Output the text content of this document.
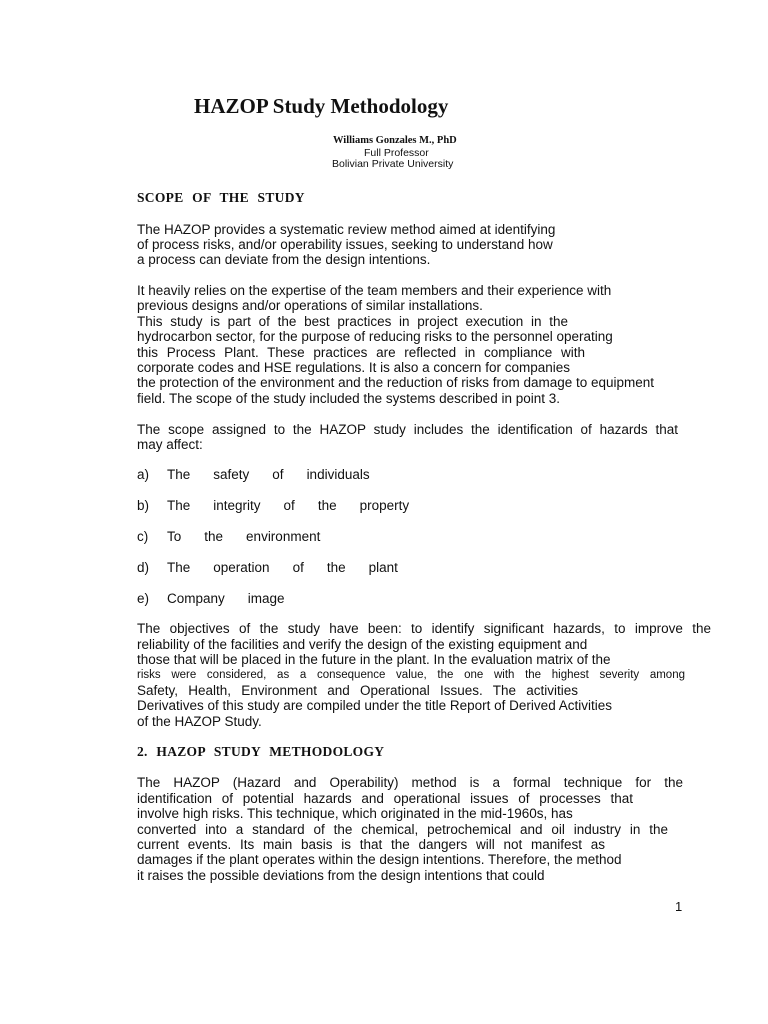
HAZOP Study Methodology
Williams Gonzales M., PhD
Full Professor
Bolivian Private University
SCOPE OF THE STUDY
The HAZOP provides a systematic review method aimed at identifying
of process risks, and/or operability issues, seeking to understand how
a process can deviate from the design intentions.
It heavily relies on the expertise of the team members and their experience with
previous designs and/or operations of similar installations.
This study is part of the best practices in project execution in the
hydrocarbon sector, for the purpose of reducing risks to the personnel operating
this Process Plant. These practices are reflected in compliance with
corporate codes and HSE regulations. It is also a concern for companies
the protection of the environment and the reduction of risks from damage to equipment
field. The scope of the study included the systems described in point 3.
The scope assigned to the HAZOP study includes the identification of hazards that
may affect:
a) The safety of individuals
b) The integrity of the property
c) To the environment
d) The operation of the plant
e) Company image
The objectives of the study have been: to identify significant hazards, to improve the
reliability of the facilities and verify the design of the existing equipment and
those that will be placed in the future in the plant. In the evaluation matrix of the
risks were considered, as a consequence value, the one with the highest severity among
Safety, Health, Environment and Operational Issues. The activities
Derivatives of this study are compiled under the title Report of Derived Activities
of the HAZOP Study.
2. HAZOP STUDY METHODOLOGY
The HAZOP (Hazard and Operability) method is a formal technique for the
identification of potential hazards and operational issues of processes that
involve high risks. This technique, which originated in the mid-1960s, has
converted into a standard of the chemical, petrochemical and oil industry in the
current events. Its main basis is that the dangers will not manifest as
damages if the plant operates within the design intentions. Therefore, the method
it raises the possible deviations from the design intentions that could
1
